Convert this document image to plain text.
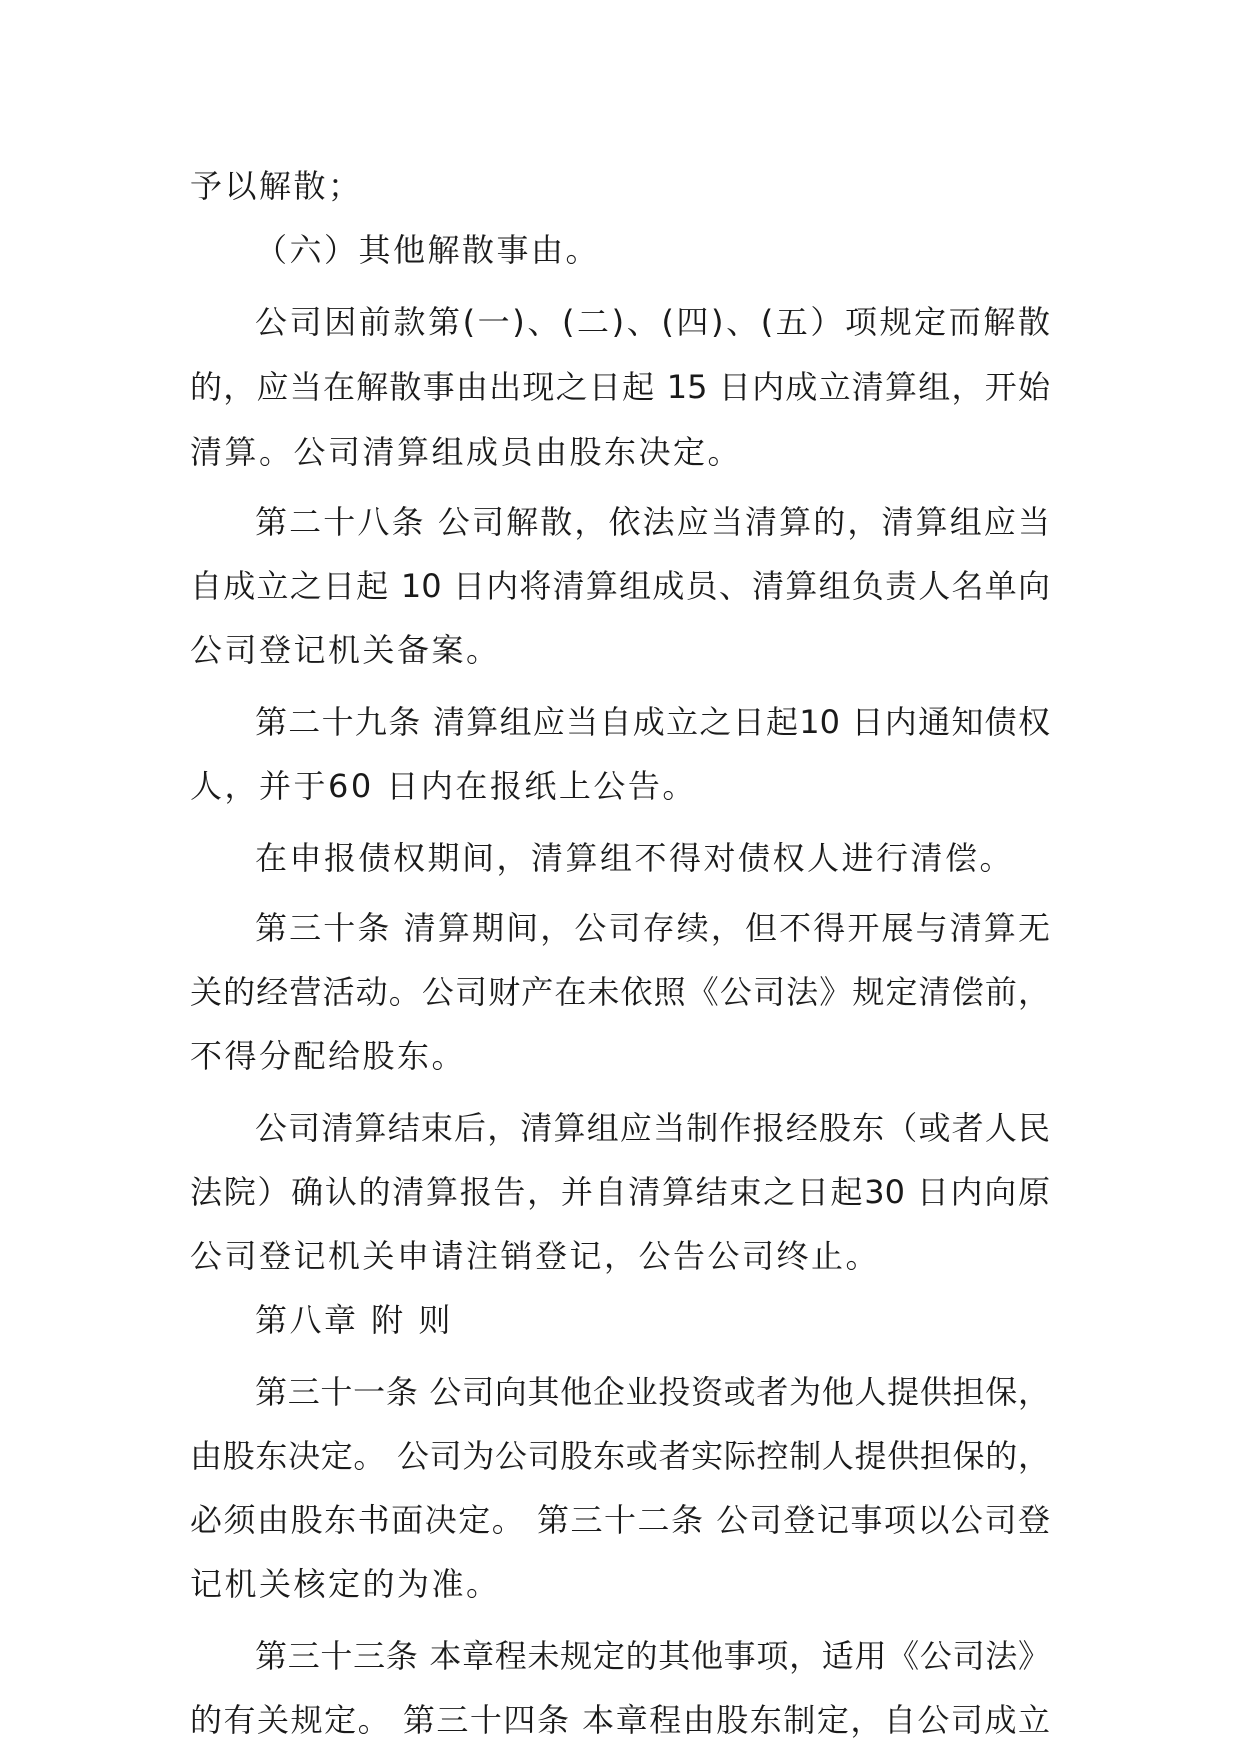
予以解散；
（六）其他解散事由。
公司因前款第(一)、(二)、(四)、(五）项规定而解散
的，应当在解散事由出现之日起 15 日内成立清算组，开始
清算。公司清算组成员由股东决定。
第二十八条 公司解散，依法应当清算的，清算组应当
自成立之日起 10 日内将清算组成员、清算组负责人名单向
公司登记机关备案。
第二十九条 清算组应当自成立之日起10 日内通知债权
人，并于60 日内在报纸上公告。
在申报债权期间，清算组不得对债权人进行清偿。
第三十条 清算期间，公司存续，但不得开展与清算无
关的经营活动。公司财产在未依照《公司法》规定清偿前，
不得分配给股东。
公司清算结束后，清算组应当制作报经股东（或者人民
法院）确认的清算报告，并自清算结束之日起30 日内向原
公司登记机关申请注销登记，公告公司终止。
第八章 附 则
第三十一条 公司向其他企业投资或者为他人提供担保，
由股东决定。 公司为公司股东或者实际控制人提供担保的，
必须由股东书面决定。 第三十二条 公司登记事项以公司登
记机关核定的为准。
第三十三条 本章程未规定的其他事项，适用《公司法》
的有关规定。 第三十四条 本章程由股东制定，自公司成立
